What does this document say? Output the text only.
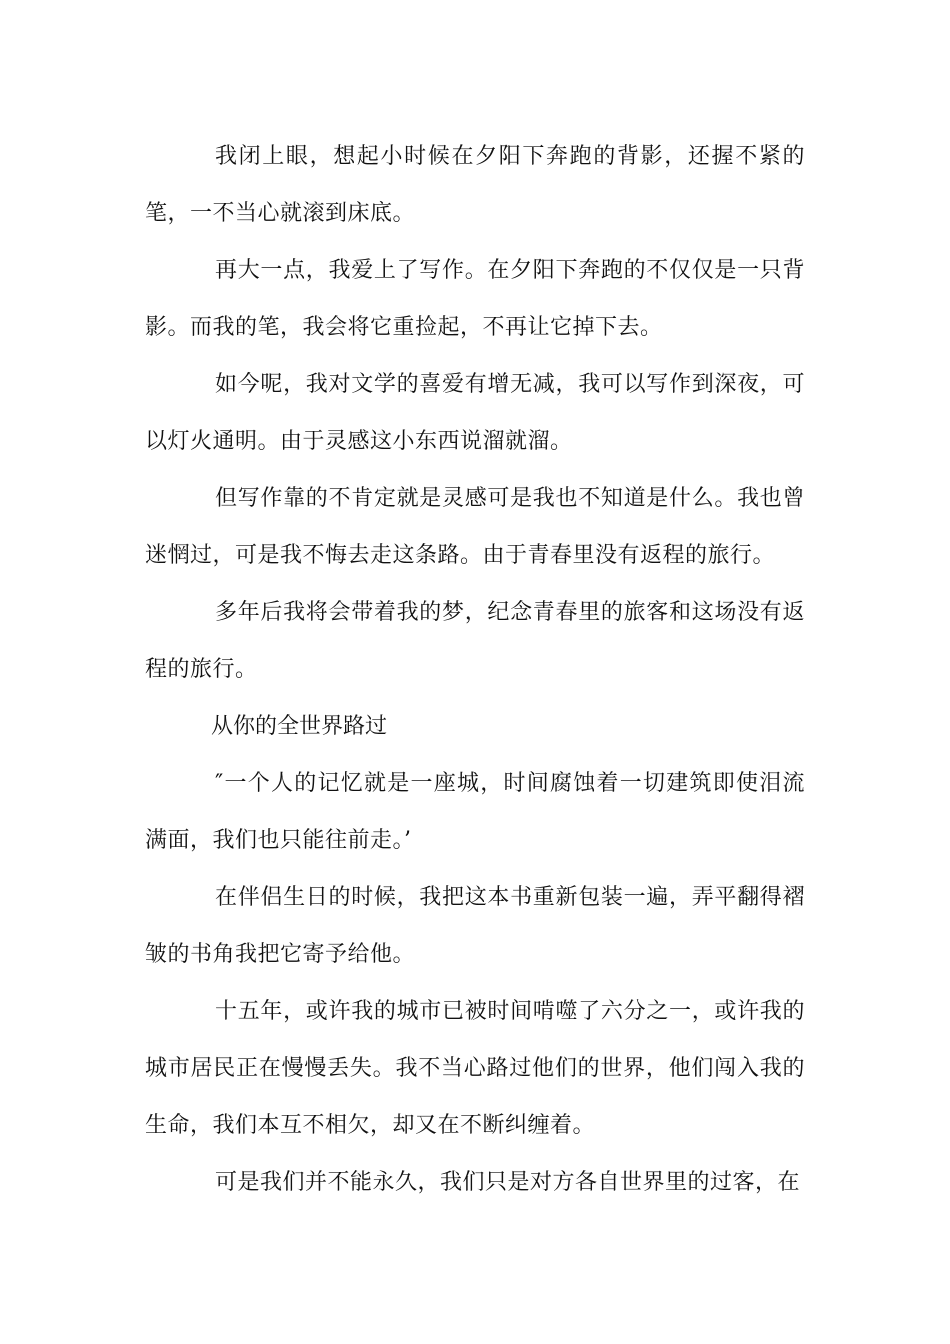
我闭上眼，想起小时候在夕阳下奔跑的背影，还握不紧的笔，一不当心就滚到床底。

再大一点，我爱上了写作。在夕阳下奔跑的不仅仅是一只背影。而我的笔，我会将它重捡起，不再让它掉下去。

如今呢，我对文学的喜爱有增无减，我可以写作到深夜，可以灯火通明。由于灵感这小东西说溜就溜。

但写作靠的不肯定就是灵感可是我也不知道是什么。我也曾迷惘过，可是我不悔去走这条路。由于青春里没有返程的旅行。

多年后我将会带着我的梦，纪念青春里的旅客和这场没有返程的旅行。

从你的全世界路过

″一个人的记忆就是一座城，时间腐蚀着一切建筑即使泪流满面，我们也只能往前走。’

在伴侣生日的时候，我把这本书重新包装一遍，弄平翻得褶皱的书角我把它寄予给他。

十五年，或许我的城市已被时间啃噬了六分之一，或许我的城市居民正在慢慢丢失。我不当心路过他们的世界，他们闯入我的生命，我们本互不相欠，却又在不断纠缠着。

可是我们并不能永久，我们只是对方各自世界里的过客，在
